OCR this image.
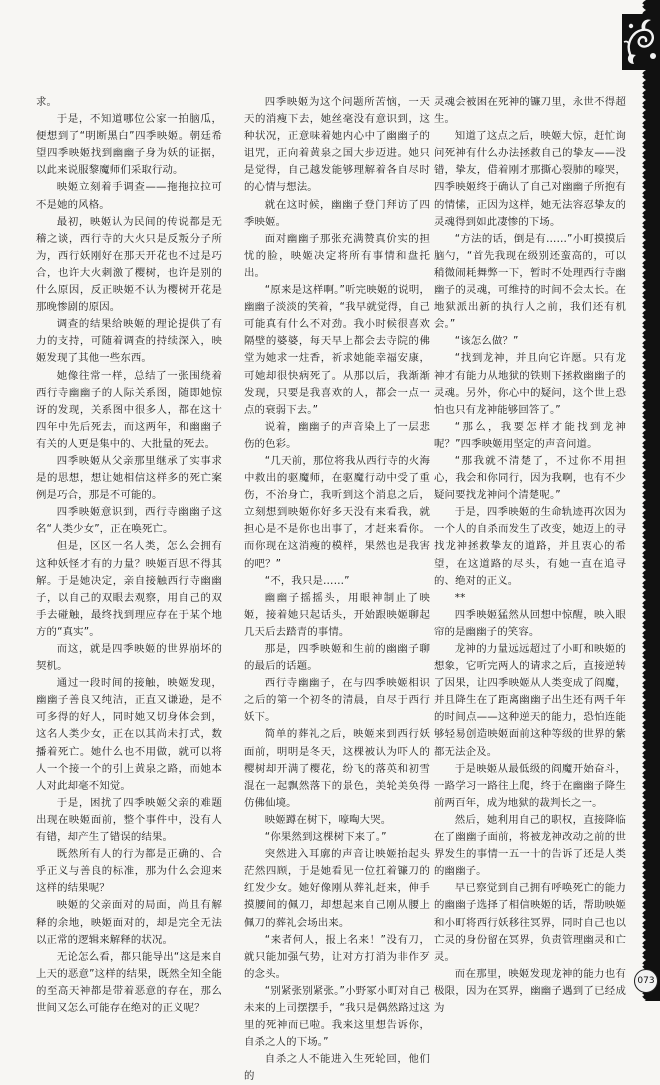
求。

于是，不知道哪位公家一拍脑瓜，便想到了“明断黑白”四季映姬。朝廷希望四季映姬找到幽幽子身为妖的证据，以此来说服黎魔师们采取行动。

映姬立刻着手调查——拖拖拉拉可不是她的风格。

最初，映姬认为民间的传说都是无稽之谈，西行寺的大火只是反叛分子所为，西行妖刚好在那天开花也不过是巧合，也许大火刺激了樱树，也许是别的什么原因，反正映姬不认为樱树开花是那晚惨剧的原因。

调查的结果给映姬的理论提供了有力的支持，可随着调查的持续深入，映姬发现了其他一些东西。

她像往常一样，总结了一张围绕着西行寺幽幽子的人际关系图，随即她惊讶的发现，关系图中很多人，都在这十四年中先后死去，而这两年，和幽幽子有关的人更是集中的、大批量的死去。

四季映姬从父亲那里继承了实事求是的思想，想让她相信这样多的死亡案例是巧合，那是不可能的。

四季映姬意识到，西行寺幽幽子这名“人类少女”，正在唤死亡。

但是，区区一名人类，怎么会拥有这种妖怪才有的力量？映姬百思不得其解。于是她决定，亲自接触西行寺幽幽子，以自己的双眼去观察，用自己的双手去碰触，最终找到理应存在于某个地方的“真实”。

而这，就是四季映姬的世界崩坏的契机。

通过一段时间的接触，映姬发现，幽幽子善良又纯洁，正直又谦逊，是不可多得的好人，同时她又切身体会到，这名人类少女，正在以其尚未打式，数播着死亡。她什么也不用做，就可以将人一个接一个的引上黄泉之路，而她本人对此却毫不知觉。

于是，困扰了四季映姬父亲的难题出现在映姬面前，整个事件中，没有人有错，却产生了错误的结果。

既然所有人的行为都是正确的、合乎正义与善良的标准，那为什么会迎来这样的结果呢？

映姬的父亲面对的局面，尚且有解释的余地，映姬面对的，却是完全无法以正常的逻辑来解释的状况。

无论怎么看，都只能导出“这是来自上天的恶意”这样的结果，既然全知全能的至高天神都是带着恶意的存在，那么世间又怎么可能存在绝对的正义呢？

四季映姬为这个问题所苦恼，一天天的消瘦下去，她丝毫没有意识到，这种状况，正意味着她内心中了幽幽子的诅咒，正向着黄泉之国大步迈进。她只是觉得，自己越发能够理解着各自尽时的心情与想法。

就在这时候，幽幽子登门拜访了四季映姬。

面对幽幽子那张充满赞真价实的担忧的脸，映姬决定将所有事情和盘托出。

“原来是这样啊。”听完映姬的说明，幽幽子淡淡的笑着，“我早就觉得，自己可能真有什么不对劲。我小时候很喜欢隔壁的婆婆，每天早上都会去寺院的佛堂为她求一炷香，祈求她能幸福安康，可她却很快病死了。从那以后，我渐渐发现，只要是我喜欢的人，都会一点一点的衰弱下去。”

说着，幽幽子的声音染上了一层悲伤的色彩。

“几天前，那位将我从西行寺的火海中救出的驱魔师，在驱魔行动中受了重伤，不治身亡，我听到这个消息之后，立刻想到映姬你好多天没有来看我，就担心是不是你也出事了，才赶来看你。而你现在这消瘦的模样，果然也是我害的吧？”

“不，我只是……”

幽幽子摇摇头，用眼神制止了映姬，接着她只起话头，开始跟映姬聊起几天后去踏青的事情。

那是，四季映姬和生前的幽幽子聊的最后的话题。

西行寺幽幽子，在与四季映姬相识之后的第一个初冬的清晨，自尽于西行妖下。

简单的葬礼之后，映姬来到西行妖面前，明明是冬天，这棵被认为吓人的樱树却开满了樱花，纷飞的落英和初雪混在一起飘然落下的景色，美轮美奂得仿佛仙境。

映姬蹲在树下，嚎啕大哭。

“你果然到这棵树下来了。”

突然进入耳廓的声音让映姬抬起头茫然四顾，于是她看见一位扛着镰刀的红发少女。她好像刚从葬礼赶来，伸手摸腰间的佩刀，却想起来自己刚从腰上佩刀的葬礼会场出来。

“来者何人，报上名来！”没有刀，就只能加强气势，让对方打消为非作歹的念头。

“别紧张别紧张。”小野冢小町对自己未来的上司摆摆手，“我只是偶然路过这里的死神而已啦。我来这里想告诉你，自杀之人的下场。”

自杀之人不能进入生死轮回，他们的

灵魂会被困在死神的镰刀里，永世不得超生。

知道了这点之后，映姬大惊，赶忙询问死神有什么办法拯救自己的挚友——没错，挚友，借着刚才那撕心裂肺的嚎哭，四季映姬终于确认了自己对幽幽子所抱有的情愫，正因为这样，她无法容忍挚友的灵魂得到如此凄惨的下场。

“方法的话，倒是有……”小町摸摸后脑勺，“首先我现在级别还蛮高的，可以稍微闹耗舞弊一下，暂时不处理西行寺幽幽子的灵魂，可维持的时间不会太长。在地狱派出新的执行人之前，我们还有机会。”

“该怎么做？”

“找到龙神，并且向它许愿。只有龙神才有能力从地狱的铁则下拯救幽幽子的灵魂。另外，你心中的疑问，这个世上恐怕也只有龙神能够回答了。”

“那么，我要怎样才能找到龙神呢？”四季映姬用坚定的声音问道。

“那我就不清楚了，不过你不用担心，我会和你同行，因为我啊，也有不少疑问要找龙神问个清楚呢。”

于是，四季映姬的生命轨迹再次因为一个人的自杀而发生了改变，她迈上的寻找龙神拯救挚友的道路，并且衷心的希望，在这道路的尽头，有她一直在追寻的、绝对的正义。

**

四季映姬猛然从回想中惊醒，映入眼帘的是幽幽子的笑容。

龙神的力量远远超过了小町和映姬的想象，它听完两人的请求之后，直接逆转了因果，让四季映姬从人类变成了阎魔，并且降生在了距离幽幽子出生还有两千年的时间点——这种逆天的能力，恐怕连能够轻易创造映姬面前这种等级的世界的紫都无法企及。

于是映姬从最低级的阎魔开始奋斗，一路学习一路往上爬，终于在幽幽子降生前两百年，成为地狱的裁判长之一。

然后，她利用自己的职权，直接降临在了幽幽子面前，将被龙神改动之前的世界发生的事情一五一十的告诉了还是人类的幽幽子。

早已察觉到自己拥有呼唤死亡的能力的幽幽子选择了相信映姬的话，帮助映姬和小町将西行妖移往冥界，同时自己也以亡灵的身份留在冥界，负责管理幽灵和亡灵。

而在那里，映姬发现龙神的能力也有极限，因为在冥界，幽幽子遇到了已经成为

073
